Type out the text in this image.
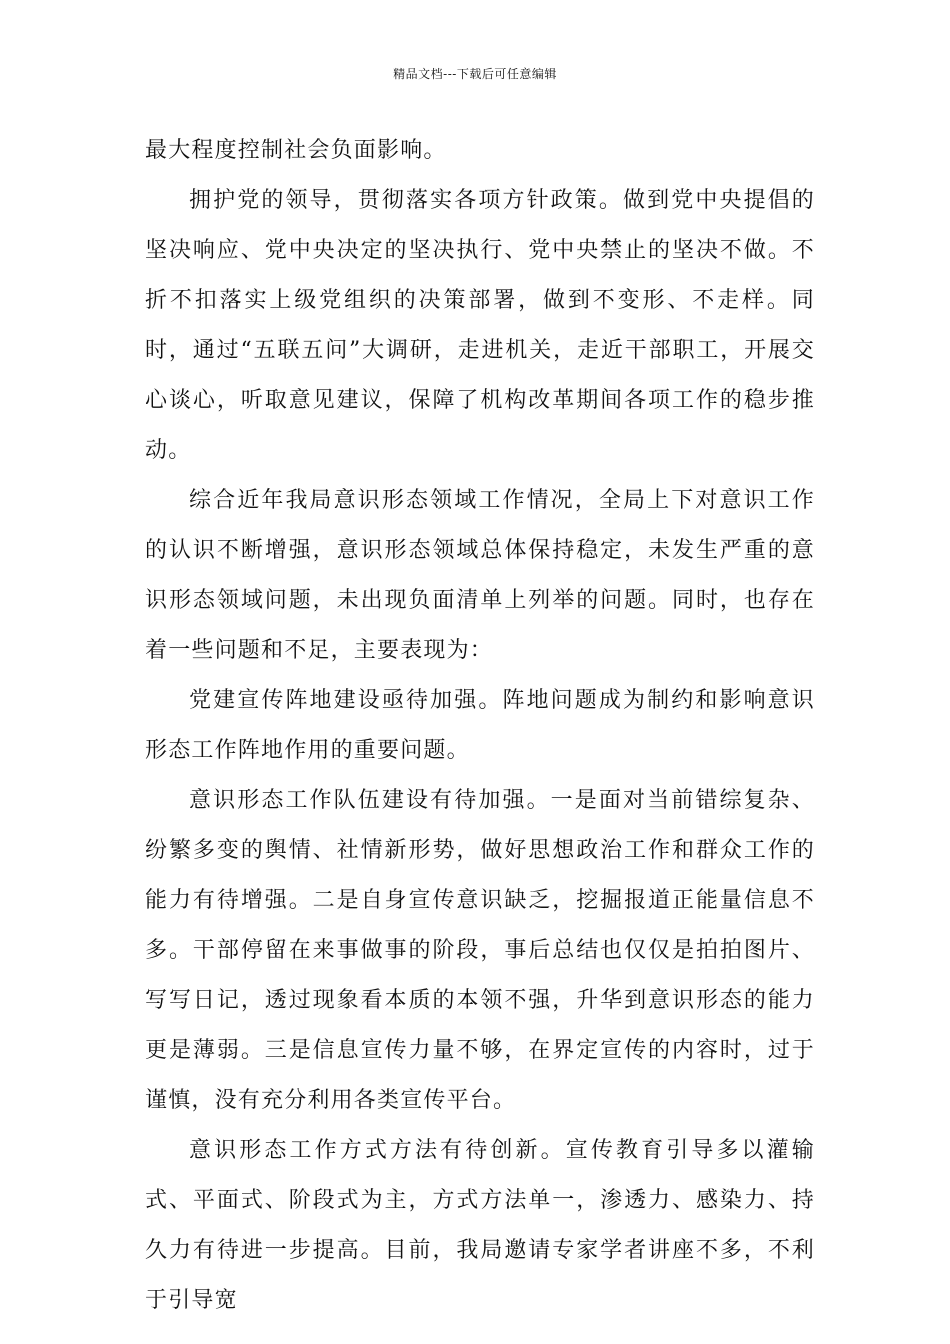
精品文档---下载后可任意编辑

最大程度控制社会负面影响。

拥护党的领导，贯彻落实各项方针政策。做到党中央提倡的坚决响应、党中央决定的坚决执行、党中央禁止的坚决不做。不折不扣落实上级党组织的决策部署，做到不变形、不走样。同时，通过“五联五问”大调研，走进机关，走近干部职工，开展交心谈心，听取意见建议，保障了机构改革期间各项工作的稳步推动。

综合近年我局意识形态领域工作情况，全局上下对意识工作的认识不断增强，意识形态领域总体保持稳定，未发生严重的意识形态领域问题，未出现负面清单上列举的问题。同时，也存在着一些问题和不足，主要表现为：

党建宣传阵地建设亟待加强。阵地问题成为制约和影响意识形态工作阵地作用的重要问题。

意识形态工作队伍建设有待加强。一是面对当前错综复杂、纷繁多变的舆情、社情新形势，做好思想政治工作和群众工作的能力有待增强。二是自身宣传意识缺乏，挖掘报道正能量信息不多。干部停留在来事做事的阶段，事后总结也仅仅是拍拍图片、写写日记，透过现象看本质的本领不强，升华到意识形态的能力更是薄弱。三是信息宣传力量不够，在界定宣传的内容时，过于谨慎，没有充分利用各类宣传平台。

意识形态工作方式方法有待创新。宣传教育引导多以灌输式、平面式、阶段式为主，方式方法单一，渗透力、感染力、持久力有待进一步提高。目前，我局邀请专家学者讲座不多，不利于引导宽
